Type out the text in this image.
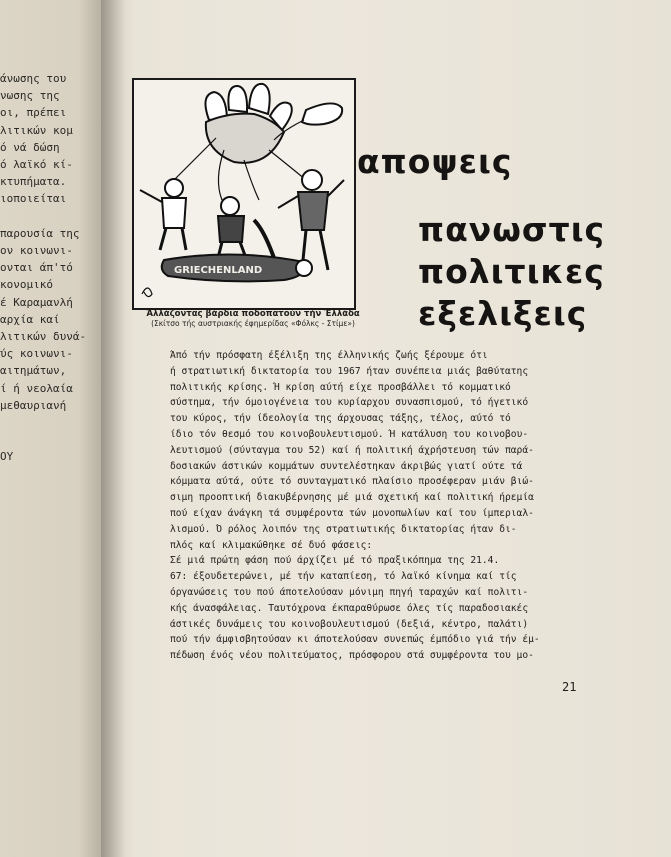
άνωσης του
νωσης της
οι, πρέπει
λιτικών κομ
ό νά δώση
ό λαϊκό κί-
κτυπήματα.
ιοποιείται
παρουσία της
ον κοινωνι-
ονται άπ'τό
κονομικό
έ Καραμανλή
αρχία καί
λιτικών δυνά-
ύς κοινωνι-
αιτημάτων,
ί ή νεολαία
μεθαυριανή
ΟΥ
GRIECHENLAND
Άλλάζοντας βάρδια ποδοπατούν τήν Έλλάδα
(Σκίτσο τής αυστριακής έφημερίδας «Φόλκς - Στίμε»)
αποψεις
πανωστις
πολιτικες
εξελιξεις
Άπό τήν πρόσφατη έξέλιξη της έλληνικής ζωής ξέρουμε ότι
ή στρατιωτική δικτατορία του 1967 ήταν συνέπεια μιάς βαθύτατης
πολιτικής κρίσης. Ή κρίση αύτή είχε προσβάλλει τό κομματικό
σύστημα, τήν όμοιογένεια του κυρίαρχου συνασπισμού, τό ήγετικό
του κύρος, τήν ίδεολογία της άρχουσας τάξης, τέλος, αύτό τό
ίδιο τόν θεσμό του κοινοβουλευτισμού. Ή κατάλυση του κοινοβου-
λευτισμού (σύνταγμα του 52) καί ή πολιτική άχρήστευση τών παρά-
δοσιακών άστικών κομμάτων συντελέστηκαν άκριβώς γιατί ούτε τά
κόμματα αύτά, ούτε τό συνταγματικό πλαίσιο προσέφεραν μιάν βιώ-
σιμη προοπτική διακυβέρνησης μέ μιά σχετική καί πολιτική ήρεμία
πού είχαν άνάγκη τά συμφέροντα τών μονοπωλίων καί του ίμπεριαλ-
λισμού. Ό ρόλος λοιπόν της στρατιωτικής δικτατορίας ήταν δι-
πλός καί κλιμακώθηκε σέ δυό φάσεις:
Σέ μιά πρώτη φάση πού άρχίζει μέ τό πραξικόπημα της 21.4.
67: έξουδετερώνει, μέ τήν καταπίεση, τό λαϊκό κίνημα καί τίς
όργανώσεις του πού άποτελούσαν μόνιμη πηγή ταραχών καί πολιτι-
κής άνασφάλειας. Ταυτόχρονα έκπαραθύρωσε όλες τίς παραδοσιακές
άστικές δυνάμεις του κοινοβουλευτισμού (δεξιά, κέντρο, παλάτι)
πού τήν άμφισβητούσαν κι άποτελούσαν συνεπώς έμπόδιο γιά τήν έμ-
πέδωση ένός νέου πολιτεύματος, πρόσφορου στά συμφέροντα του μο-
21
